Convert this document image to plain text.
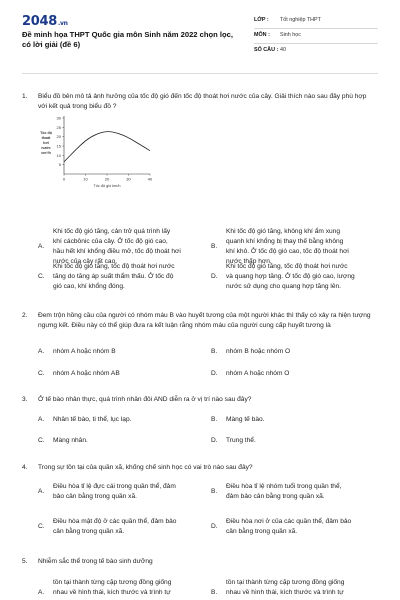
2048.vn
Đề minh họa THPT Quốc gia môn Sinh năm 2022 chọn lọc, có lời giải (đề 6)
LỚP : Tốt nghiệp THPT
MÔN : Sinh học
SỐ CÂU : 40
1. Biểu đồ bên mô tả ảnh hưởng của tốc độ gió đến tốc độ thoát hơi nước của cây. Giải thích nào sau đây phù hợp với kết quả trong biểu đồ ?
5
10
15
20
25
30
0	10	20	30	40
Tốc độ gió km/h
Tốc độ
thoát
hơi
nước
cm³/h
A.
Khi tốc độ gió tăng, cản trở quá trình lấy
khí cácbônic của cây. Ở tốc độ gió cao,
hầu hết khí khổng điều mở, tốc độ thoát hơi
nước của cây rất cao.
B.
Khi tốc độ gió tăng, không khí ẩm xung
quanh khí khổng bị thay thế bằng không
khí khô. Ở tốc độ gió cao, tốc độ thoát hơi
nước thấp hơn.
C.
Khi tốc độ gió tăng, tốc độ thoát hơi nước
tăng do tăng áp suất thẩm thấu. Ở tốc độ
gió cao, khí khổng đóng.
D.
Khi tốc độ gió tăng, tốc độ thoát hơi nước
và quang hợp tăng. Ở tốc độ gió cao, lượng
nước sử dụng cho quang hợp tăng lên.
2. Đem trộn hồng cầu của người có nhóm máu B vào huyết tương của một người khác thì thấy có xảy ra hiện tượng ngưng kết. Điều này có thể giúp đưa ra kết luận rằng nhóm máu của người cung cấp huyết tương là
A. nhóm A hoặc nhóm B	B. nhóm B hoặc nhóm O
C. nhóm A hoặc nhóm AB	D. nhóm A hoặc nhóm O
3. Ở tế bào nhân thực, quá trình nhân đôi AND diễn ra ở vị trí nào sau đây?
A. Nhân tế bào, ti thể, lục lạp.	B. Màng tế bào.
C. Màng nhân.	D. Trung thể.
4. Trong sự tồn tại của quần xã, khống chế sinh học có vai trò nào sau đây?
A.
Điều hòa tỉ lệ đực cái trong quần thể, đảm
bảo cân bằng trong quần xã.
B.
Điều hòa tỉ lệ nhóm tuổi trong quần thể,
đảm bảo cân bằng trong quần xã.
C.
Điều hòa mật độ ở các quần thể, đảm bảo
cân bằng trong quần xã.
D.
Điều hòa nơi ở của các quần thể, đảm bảo
cân bằng trong quần xã.
5. Nhiễm sắc thể trong tế bào sinh dưỡng
A.
tồn tại thành từng cặp tương đồng giống
nhau về hình thái, kích thước và trình tự	B.
tồn tại thành từng cặp tương đồng giống
nhau về hình thái, kích thước và trình tự
